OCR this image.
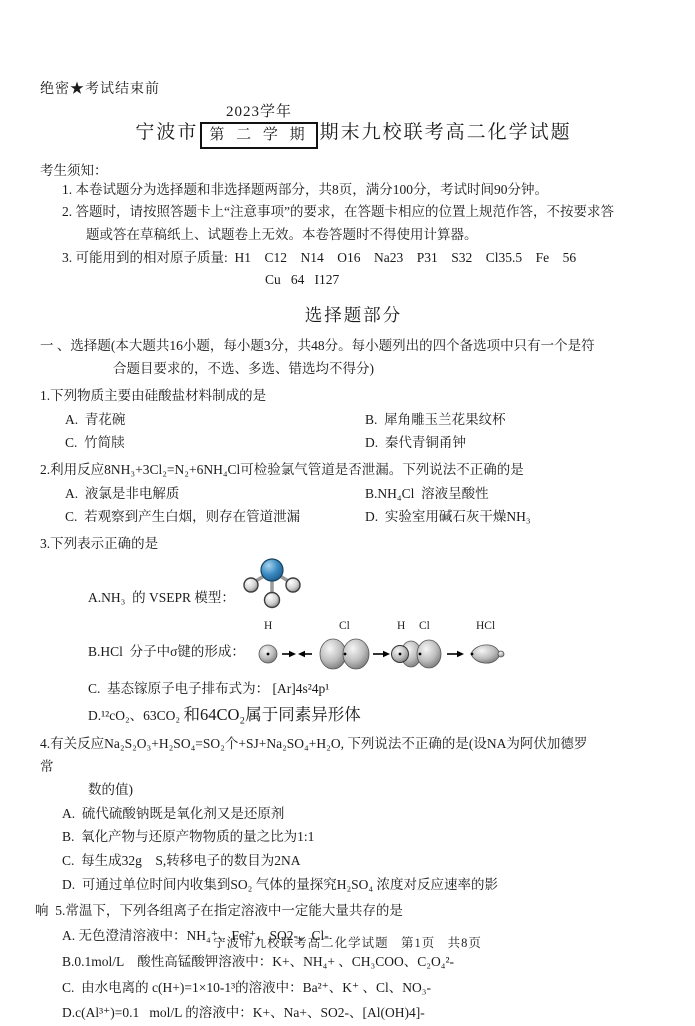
绝密★考试结束前
宁波市
2023学年
第 二 学 期 期末九校联考高二化学试题
考生须知：
1. 本卷试题分为选择题和非选择题两部分，共8页，满分100分，考试时间90分钟。
2. 答题时，请按照答题卡上“注意事项”的要求，在答题卡相应的位置上规范作答，不按要求答
题或答在草稿纸上、试题卷上无效。本卷答题时不得使用计算器。
3. 可能用到的相对原子质量:  H1    C12    N14    O16    Na23    P31    S32    Cl35.5    Fe    56
Cu   64   I127
选择题部分
一 、选择题(本大题共16小题，每小题3分，共48分。每小题列出的四个备选项中只有一个是符
合题目要求的，不选、多选、错选均不得分)
1.下列物质主要由硅酸盐材料制成的是
A.  青花碗	B.  犀角雕玉兰花果纹杯
C.  竹简牍	D.  秦代青铜甬钟
2.利用反应8NH₃+3Cl₂=N₂+6NH₄Cl可检验氯气管道是否泄漏。下列说法不正确的是
A.  液氯是非电解质	B.NH₄Cl  溶液呈酸性
C.  若观察到产生白烟，则存在管道泄漏	D.  实验室用碱石灰干燥NH₃
3.下列表示正确的是
A.NH₃  的 VSEPR 模型：
B.HCl  分子中σ键的形成：
H	Cl	H Cl	HCl
C.  基态镓原子电子排布式为： [Ar]4s²4p¹
D.¹²cO₂、63CO₂ 和64CO₂属于同素异形体
4.有关反应Na₂S₂O₃+H₂SO₄=SO₂个+SJ+Na₂SO₄+H₂O, 下列说法不正确的是(设NA为阿伏加德罗
常
数的值)
A.  硫代硫酸钠既是氧化剂又是还原剂
B.  氧化产物与还原产物物质的量之比为1:1
C.  每生成32g    S,转移电子的数目为2NA
D.  可通过单位时间内收集到SO₂ 气体的量探究H₂SO₄ 浓度对反应速率的影
响  5.常温下，下列各组离子在指定溶液中一定能大量共存的是
A. 无色澄清溶液中：NH₄⁺、Fe²⁺、SO2-、Cl-
B.0.1mol/L    酸性高锰酸钾溶液中：K+、NH₄+ 、CH₃COO、C₂O₄²-
C.  由水电离的 c(H+)=1×10-1³的溶液中：Ba²⁺、K⁺ 、Cl、NO₃-
D.c(Al³⁺)=0.1   mol/L 的溶液中：K+、Na+、SO2-、[Al(OH)4]-
宁波市九校联考高二化学试题   第1页   共8页
